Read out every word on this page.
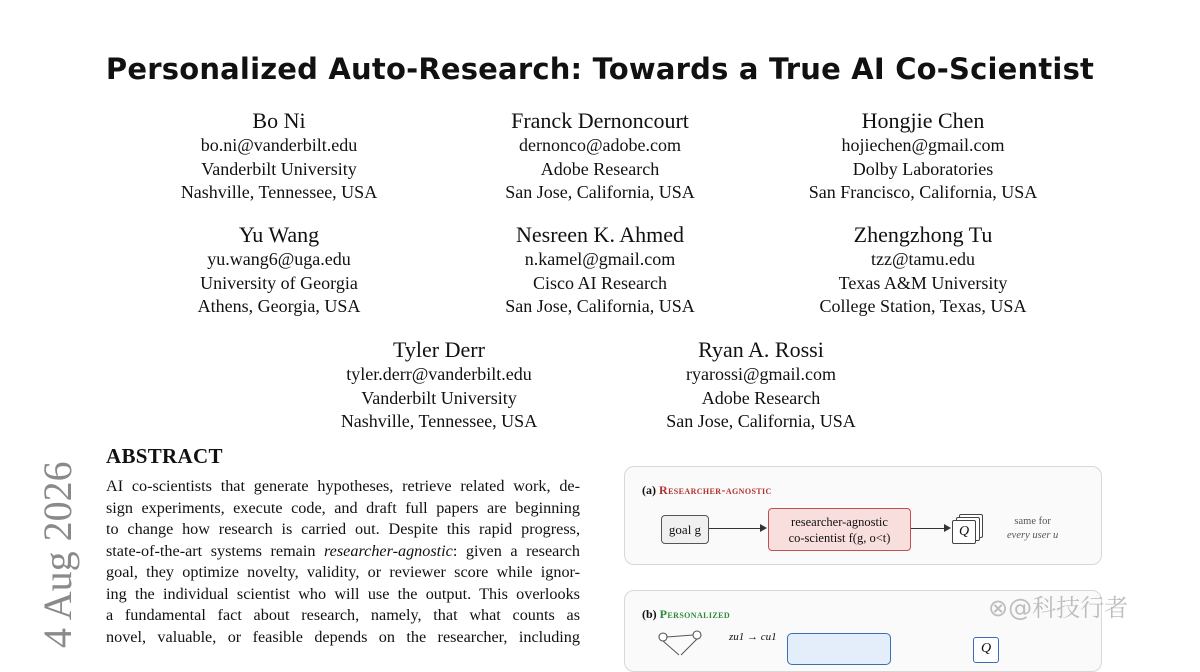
Personalized Auto-Research: Towards a True AI Co-Scientist
Bo Ni
bo.ni@vanderbilt.edu
Vanderbilt University
Nashville, Tennessee, USA
Franck Dernoncourt
dernonco@adobe.com
Adobe Research
San Jose, California, USA
Hongjie Chen
hojiechen@gmail.com
Dolby Laboratories
San Francisco, California, USA
Yu Wang
yu.wang6@uga.edu
University of Georgia
Athens, Georgia, USA
Nesreen K. Ahmed
n.kamel@gmail.com
Cisco AI Research
San Jose, California, USA
Zhengzhong Tu
tzz@tamu.edu
Texas A&M University
College Station, Texas, USA
Tyler Derr
tyler.derr@vanderbilt.edu
Vanderbilt University
Nashville, Tennessee, USA
Ryan A. Rossi
ryarossi@gmail.com
Adobe Research
San Jose, California, USA
4 Aug 2026
ABSTRACT
AI co-scientists that generate hypotheses, retrieve related work, de-
sign experiments, execute code, and draft full papers are beginning
to change how research is carried out. Despite this rapid progress,
state-of-the-art systems remain researcher-agnostic: given a research
goal, they optimize novelty, validity, or reviewer score while ignor-
ing the individual scientist who will use the output. This overlooks
a fundamental fact about research, namely, that what counts as
novel, valuable, or feasible depends on the researcher, including
(a) Researcher-agnostic
goal g	researcher-agnostic
co-scientist f(g, o<t)	Q
same for
every user u
(b) Personalized
zu1 → cu1
Q
⊗@科技行者
